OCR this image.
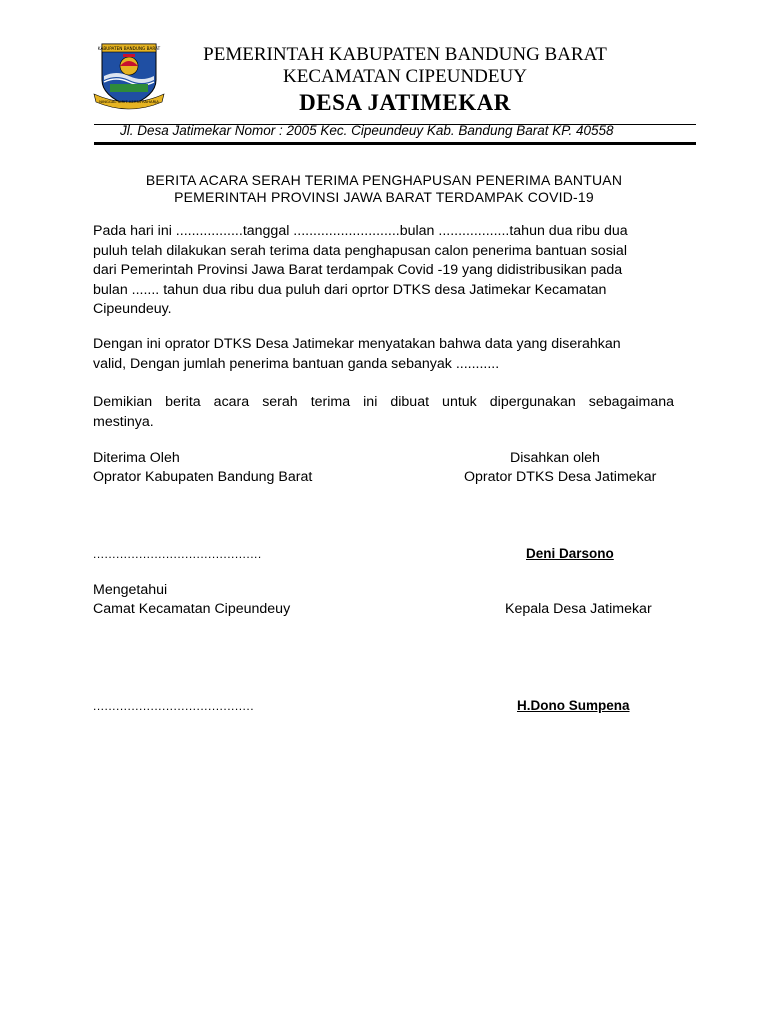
KABUPATEN BANDUNG BARAT
NINGGAL NIRIT KERTA RAHARJA
PEMERINTAH KABUPATEN BANDUNG BARAT
KECAMATAN CIPEUNDEUY
DESA JATIMEKAR
Jl. Desa Jatimekar Nomor : 2005 Kec. Cipeundeuy Kab. Bandung Barat KP. 40558
BERITA ACARA SERAH TERIMA PENGHAPUSAN PENERIMA BANTUAN
PEMERINTAH PROVINSI JAWA BARAT TERDAMPAK COVID-19
Pada hari ini .................tanggal ...........................bulan ..................tahun dua ribu dua
puluh telah dilakukan serah terima data penghapusan calon penerima bantuan sosial
dari Pemerintah Provinsi Jawa Barat terdampak Covid -19 yang didistribusikan pada
bulan ....... tahun dua ribu dua puluh dari oprtor DTKS desa Jatimekar Kecamatan
Cipeundeuy.
Dengan ini oprator DTKS Desa Jatimekar menyatakan bahwa data yang diserahkan
valid, Dengan jumlah penerima bantuan ganda sebanyak ...........
Demikian berita acara serah terima ini dibuat untuk dipergunakan sebagaimana
mestinya.
Diterima Oleh
Oprator Kabupaten Bandung Barat
Disahkan oleh
Oprator DTKS Desa Jatimekar
............................................	Deni Darsono
Mengetahui
Camat Kecamatan Cipeundeuy	Kepala Desa Jatimekar
..........................................	H.Dono Sumpena
